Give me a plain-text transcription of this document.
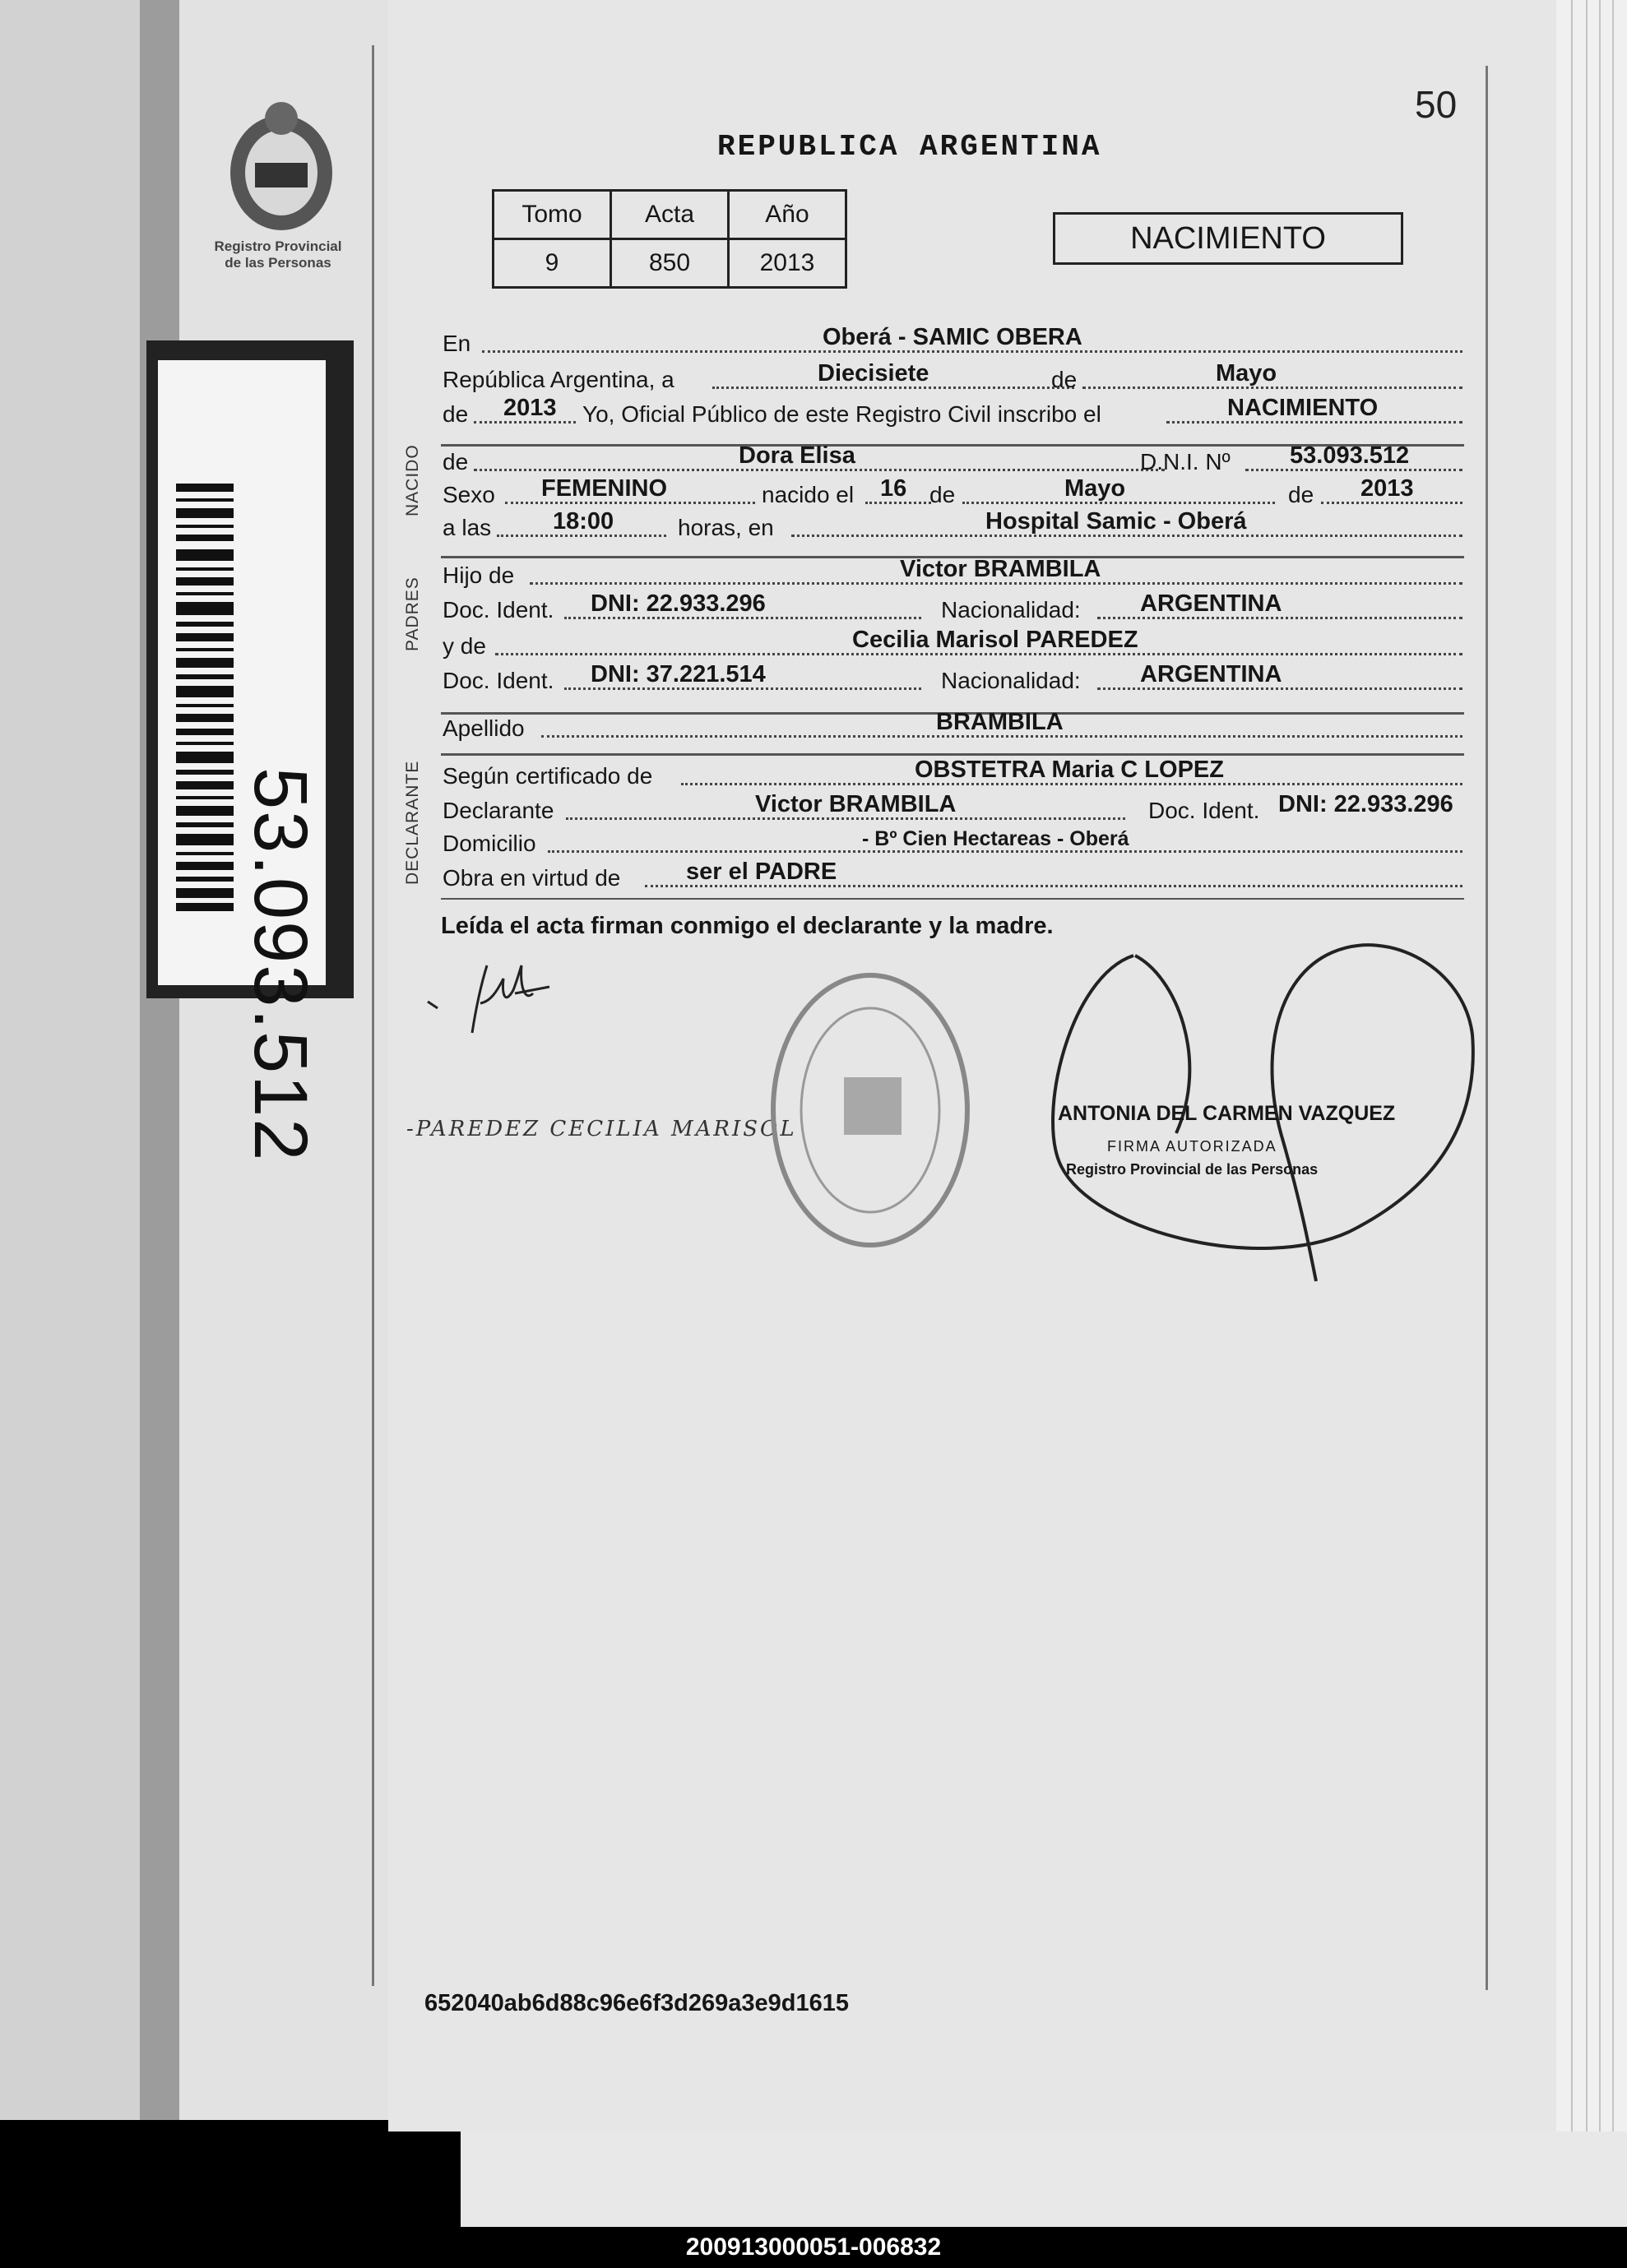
Registro Provincial
de las Personas
53.093.512
50
REPUBLICA ARGENTINA
Tomo	Acta	Año
9	850	2013
NACIMIENTO
NACIDO
PADRES
DECLARANTE
En	Oberá - SAMIC OBERA
República Argentina, a	Diecisiete	de	Mayo
de 2013 Yo, Oficial Público de este Registro Civil inscribo el	NACIMIENTO
de	Dora Elisa	D.N.I. Nº 53.093.512
Sexo FEMENINO	nacido el 16 de	Mayo	de 2013
a las	18:00	horas, en	Hospital Samic - Oberá
Hijo de	Victor BRAMBILA
Doc. Ident. DNI: 22.933.296	Nacionalidad: ARGENTINA
y de	Cecilia Marisol PAREDEZ
Doc. Ident. DNI: 37.221.514	Nacionalidad: ARGENTINA
Apellido	BRAMBILA
Según certificado de	OBSTETRA Maria C LOPEZ
Declarante	Victor BRAMBILA	Doc. Ident. DNI: 22.933.296
Domicilio	- Bº Cien Hectareas - Oberá
Obra en virtud de	ser el PADRE
Leída el acta firman conmigo el declarante y la madre.
-PAREDEZ CECILIA MARISOL
ANTONIA DEL CARMEN VAZQUEZ
FIRMA AUTORIZADA
Registro Provincial de las Personas
652040ab6d88c96e6f3d269a3e9d1615
200913000051-006832
